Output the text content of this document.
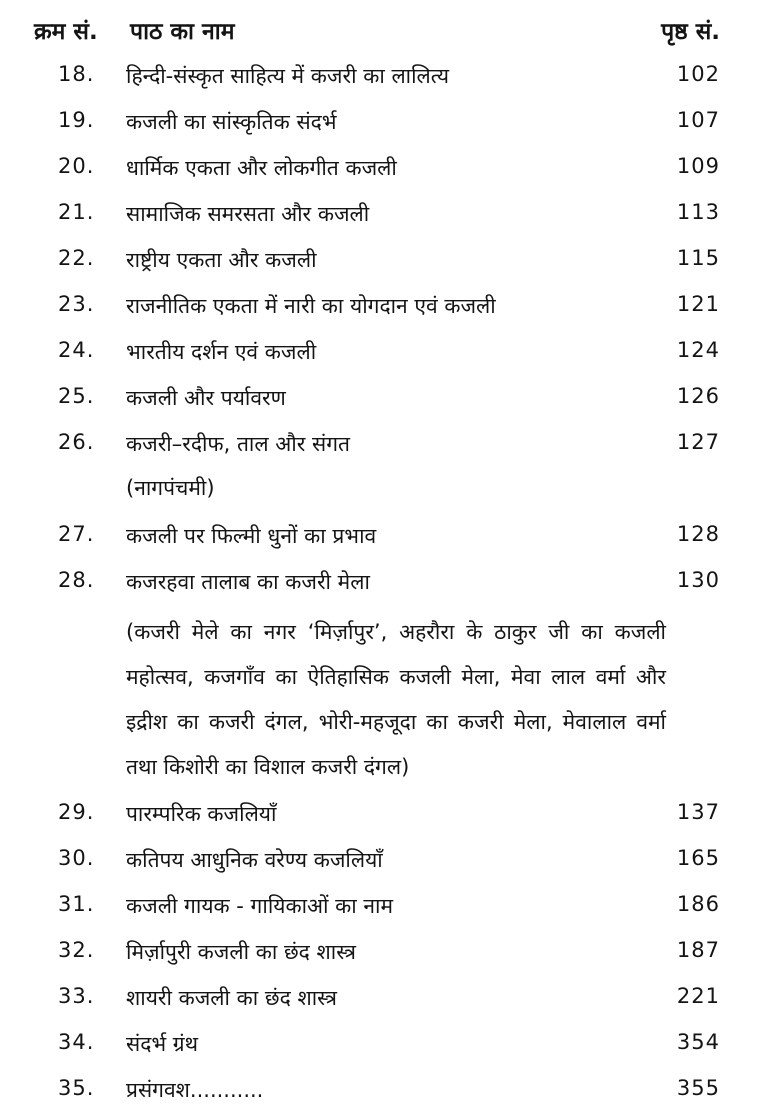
क्रम सं. पाठ का नाम	पृष्ठ सं.
18. हिन्दी-संस्कृत साहित्य में कजरी का लालित्य	102
19. कजली का सांस्कृतिक संदर्भ	107
20. धार्मिक एकता और लोकगीत कजली	109
21. सामाजिक समरसता और कजली	113
22. राष्ट्रीय एकता और कजली	115
23. राजनीतिक एकता में नारी का योगदान एवं कजली	121
24. भारतीय दर्शन एवं कजली	124
25. कजली और पर्यावरण	126
26. कजरी–रदीफ, ताल और संगत	127
(नागपंचमी)
27. कजली पर फिल्मी धुनों का प्रभाव	128
28. कजरहवा तालाब का कजरी मेला	130
(कजरी मेले का नगर ‘मिर्ज़ापुर’, अहरौरा के ठाकुर जी का कजली महोत्सव, कजगाँव का ऐतिहासिक कजली मेला, मेवा लाल वर्मा और इद्रीश का कजरी दंगल, भोरी-महजूदा का कजरी मेला, मेवालाल वर्मा तथा किशोरी का विशाल कजरी दंगल)
29. पारम्परिक कजलियाँ	137
30. कतिपय आधुनिक वरेण्य कजलियाँ	165
31. कजली गायक - गायिकाओं का नाम	186
32. मिर्ज़ापुरी कजली का छंद शास्त्र	187
33. शायरी कजली का छंद शास्त्र	221
34. संदर्भ ग्रंथ	354
35. प्रसंगवश...........	355
